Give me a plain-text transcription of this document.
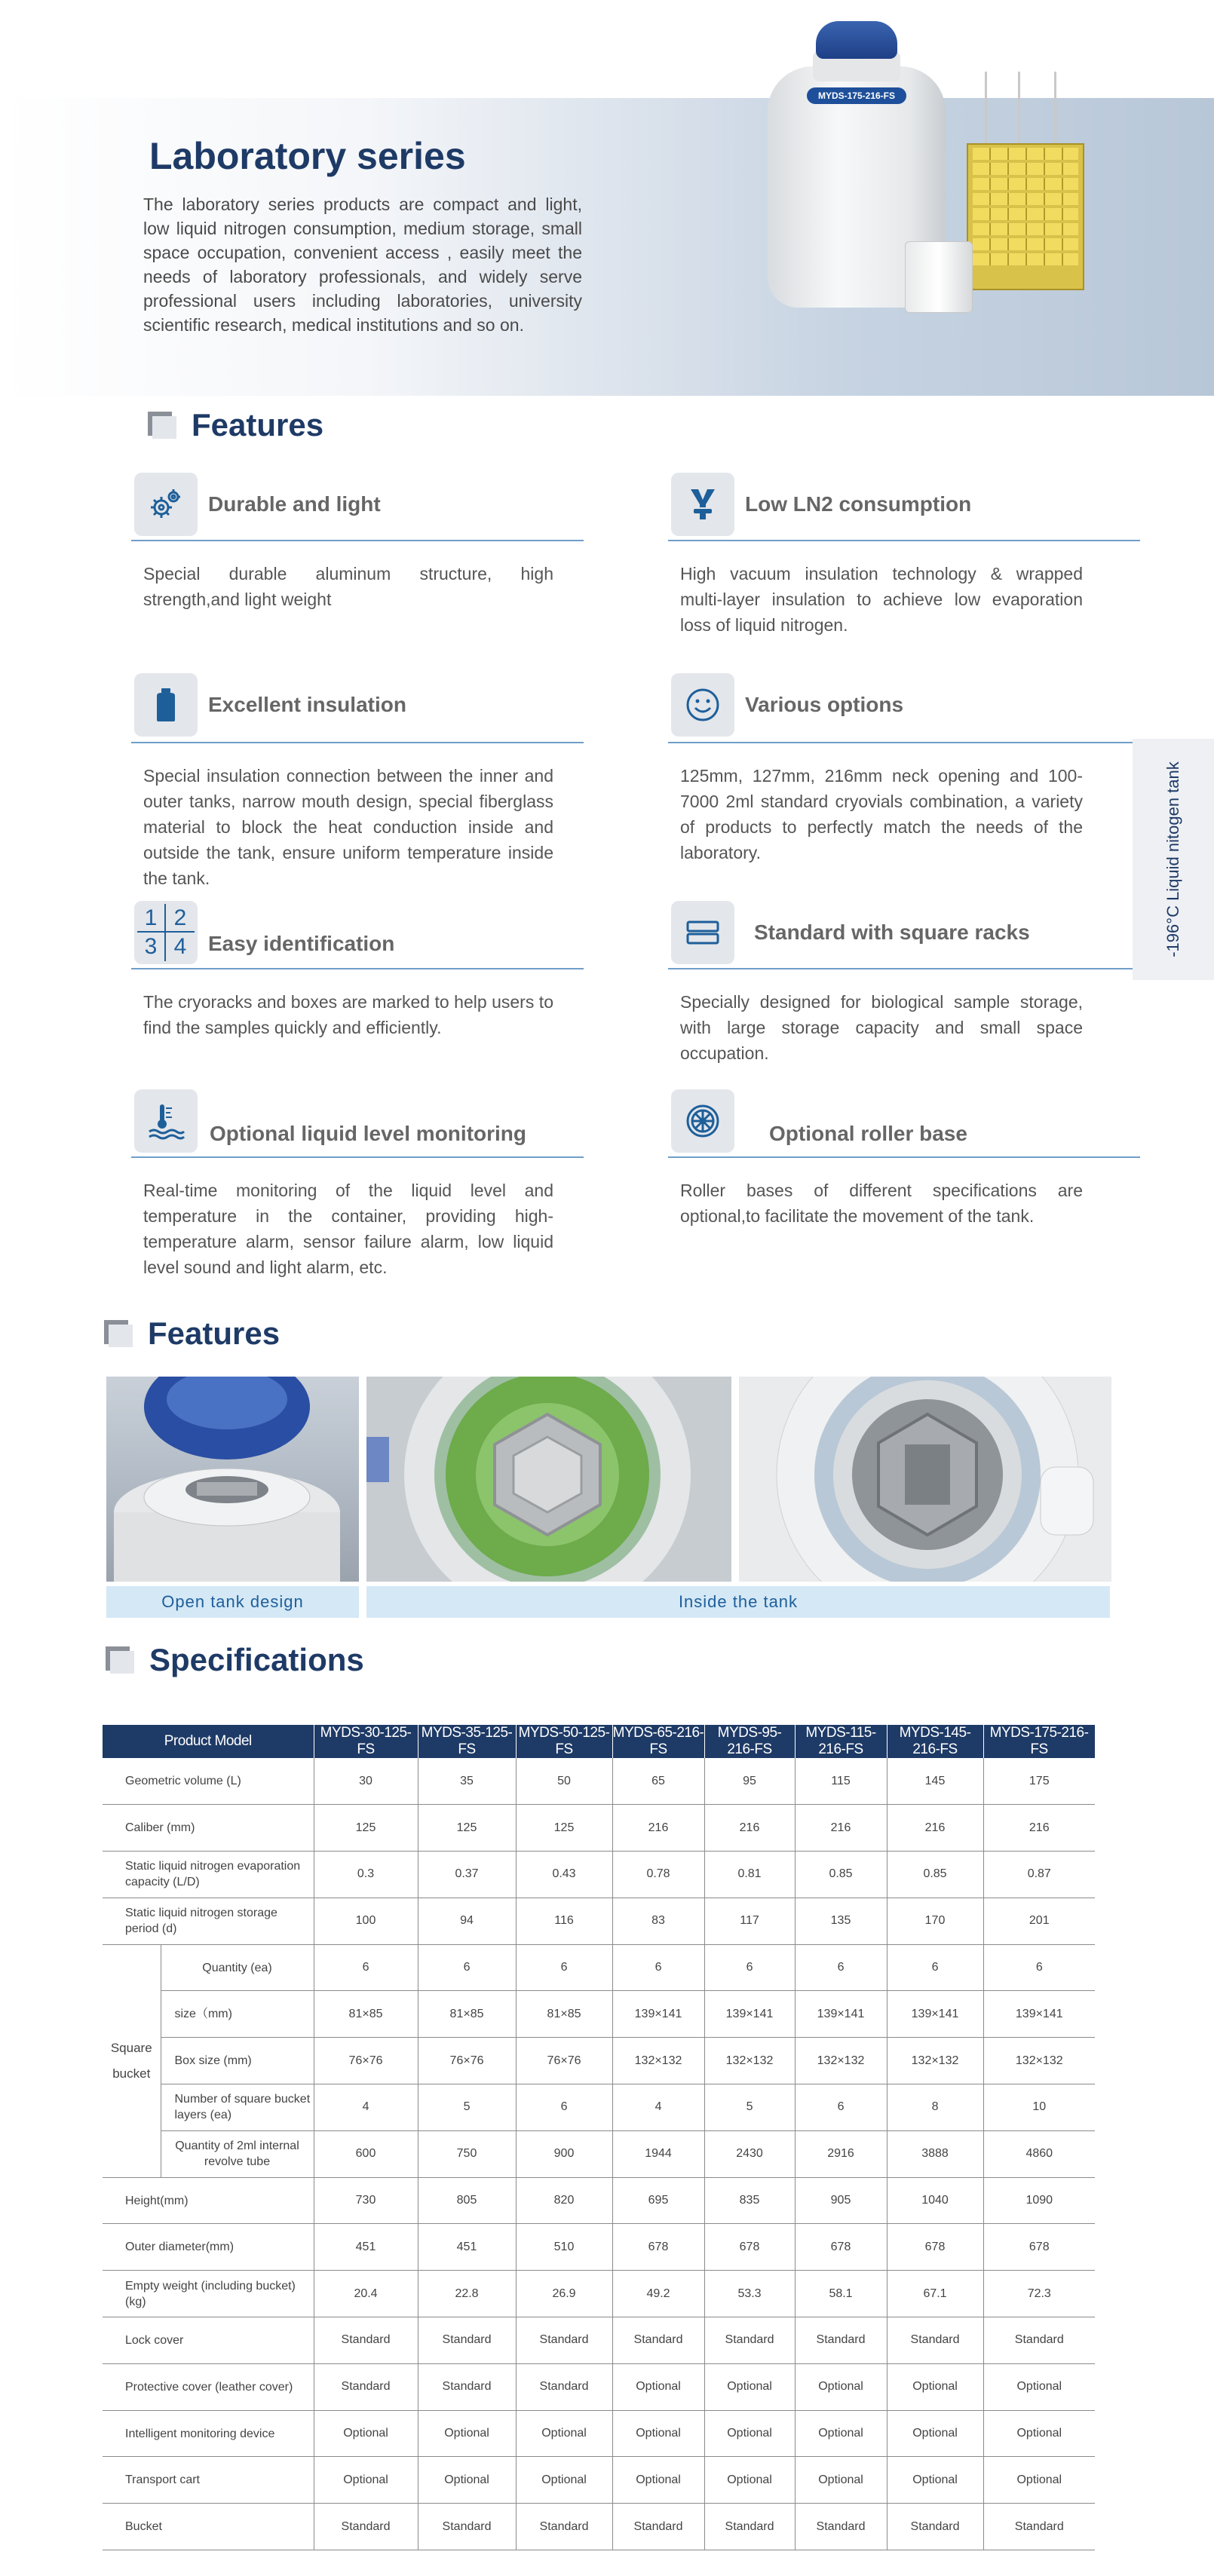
Laboratory series
The laboratory series products are compact and light, low liquid nitrogen consumption, medium storage, small space occupation, convenient access , easily meet the needs of laboratory professionals, and widely serve professional users including laboratories, university scientific research, medical institutions and so on.
MYDS-175-216-FS
Features
Durable and light
Special durable aluminum structure, high strength,and light weight
Low LN2 consumption
High vacuum insulation technology & wrapped multi-layer insulation to achieve low evaporation loss of liquid nitrogen.
Excellent insulation
Special insulation connection between the inner and outer tanks, narrow mouth design, special fiberglass material to block the heat conduction inside and outside the tank, ensure uniform temperature inside the tank.
Various options
125mm, 127mm, 216mm neck opening and 100-7000 2ml standard cryovials combination, a variety of products to perfectly match the needs of the laboratory.
1 2
3 4	Easy identification
The cryoracks and boxes are marked to help users to find the samples quickly and efficiently.
Standard with square racks
Specially designed for biological sample storage, with large storage capacity and small space occupation.
Optional liquid level monitoring
Real-time monitoring of the liquid level and temperature in the container, providing high-temperature alarm, sensor failure alarm, low liquid level sound and light alarm, etc.
Optional roller base
Roller bases of different specifications are optional,to facilitate the movement of the tank.
-196°C Liquid nitogen tank
Features
Open tank design	Inside the tank
Specifications
Product Model		MYDS-30-125-FS	MYDS-35-125-FS	MYDS-50-125-FS	MYDS-65-216-FS	MYDS-95-216-FS	MYDS-115-216-FS	MYDS-145-216-FS	MYDS-175-216-FS
Geometric volume (L)		30	35	50	65	95	115	145	175
Caliber (mm)		125	125	125	216	216	216	216	216
Static liquid nitrogen evaporation capacity (L/D)		0.3	0.37	0.43	0.78	0.81	0.85	0.85	0.87
Static liquid nitrogen storage period (d)		100	94	116	83	117	135	170	201
Square bucket	Quantity (ea)	6	6	6	6	6	6	6	6
	size（mm)	81×85	81×85	81×85	139×141	139×141	139×141	139×141	139×141
	Box size (mm)	76×76	76×76	76×76	132×132	132×132	132×132	132×132	132×132
	Number of square bucket layers (ea)	4	5	6	4	5	6	8	10
	Quantity of 2ml internal revolve tube	600	750	900	1944	2430	2916	3888	4860
Height(mm)		730	805	820	695	835	905	1040	1090
Outer diameter(mm)		451	451	510	678	678	678	678	678
Empty weight (including bucket) (kg)		20.4	22.8	26.9	49.2	53.3	58.1	67.1	72.3
Lock cover		Standard	Standard	Standard	Standard	Standard	Standard	Standard	Standard
Protective cover (leather cover)		Standard	Standard	Standard	Optional	Optional	Optional	Optional	Optional
Intelligent monitoring device		Optional	Optional	Optional	Optional	Optional	Optional	Optional	Optional
Transport cart		Optional	Optional	Optional	Optional	Optional	Optional	Optional	Optional
Bucket		Standard	Standard	Standard	Standard	Standard	Standard	Standard	Standard
